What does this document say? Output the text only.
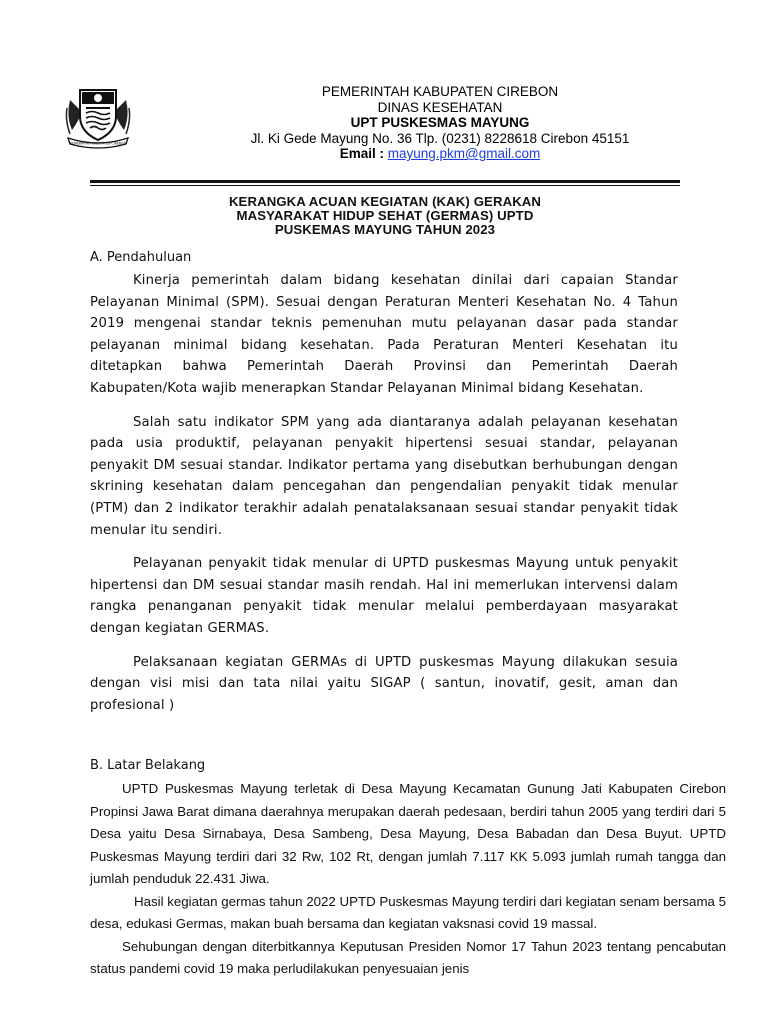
PEMERINTAH KABUPATEN CIREBON
PEMERINTAH KABUPATEN CIREBON
DINAS KESEHATAN
UPT PUSKESMAS MAYUNG
Jl. Ki Gede Mayung No. 36 Tlp. (0231) 8228618 Cirebon 45151
Email : mayung.pkm@gmail.com
KERANGKA ACUAN KEGIATAN (KAK) GERAKAN
MASYARAKAT HIDUP SEHAT (GERMAS) UPTD
PUSKEMAS MAYUNG TAHUN 2023
A. Pendahuluan

Kinerja pemerintah dalam bidang kesehatan dinilai dari capaian Standar Pelayanan Minimal (SPM). Sesuai dengan Peraturan Menteri Kesehatan No. 4 Tahun 2019 mengenai standar teknis pemenuhan mutu pelayanan dasar pada standar pelayanan minimal bidang kesehatan. Pada Peraturan Menteri Kesehatan itu ditetapkan bahwa Pemerintah Daerah Provinsi dan Pemerintah Daerah Kabupaten/Kota wajib menerapkan Standar Pelayanan Minimal bidang Kesehatan.

Salah satu indikator SPM yang ada diantaranya adalah pelayanan kesehatan pada usia produktif, pelayanan penyakit hipertensi sesuai standar, pelayanan penyakit DM sesuai standar. Indikator pertama yang disebutkan berhubungan dengan skrining kesehatan dalam pencegahan dan pengendalian penyakit tidak menular (PTM) dan 2 indikator terakhir adalah penatalaksanaan sesuai standar penyakit tidak menular itu sendiri.

Pelayanan penyakit tidak menular di UPTD puskesmas Mayung untuk penyakit hipertensi dan DM sesuai standar masih rendah. Hal ini memerlukan intervensi dalam rangka penanganan penyakit tidak menular melalui pemberdayaan masyarakat dengan kegiatan GERMAS.

Pelaksanaan kegiatan GERMAs di UPTD puskesmas Mayung dilakukan sesuia dengan visi misi dan tata nilai yaitu SIGAP ( santun, inovatif, gesit, aman dan profesional )

B. Latar Belakang

UPTD Puskesmas Mayung terletak di Desa Mayung Kecamatan Gunung Jati Kabupaten Cirebon Propinsi Jawa Barat dimana daerahnya merupakan daerah pedesaan, berdiri tahun 2005 yang terdiri dari 5 Desa yaitu Desa Sirnabaya, Desa Sambeng, Desa Mayung, Desa Babadan dan Desa Buyut. UPTD Puskesmas Mayung terdiri dari 32 Rw, 102 Rt, dengan jumlah 7.117 KK 5.093 jumlah rumah tangga dan jumlah penduduk 22.431 Jiwa.

Hasil kegiatan germas tahun 2022 UPTD Puskesmas Mayung terdiri dari kegiatan senam bersama 5 desa, edukasi Germas, makan buah bersama dan kegiatan vaksnasi covid 19 massal.

Sehubungan dengan diterbitkannya Keputusan Presiden Nomor 17 Tahun 2023 tentang pencabutan status pandemi covid 19 maka perludilakukan penyesuaian jenis
